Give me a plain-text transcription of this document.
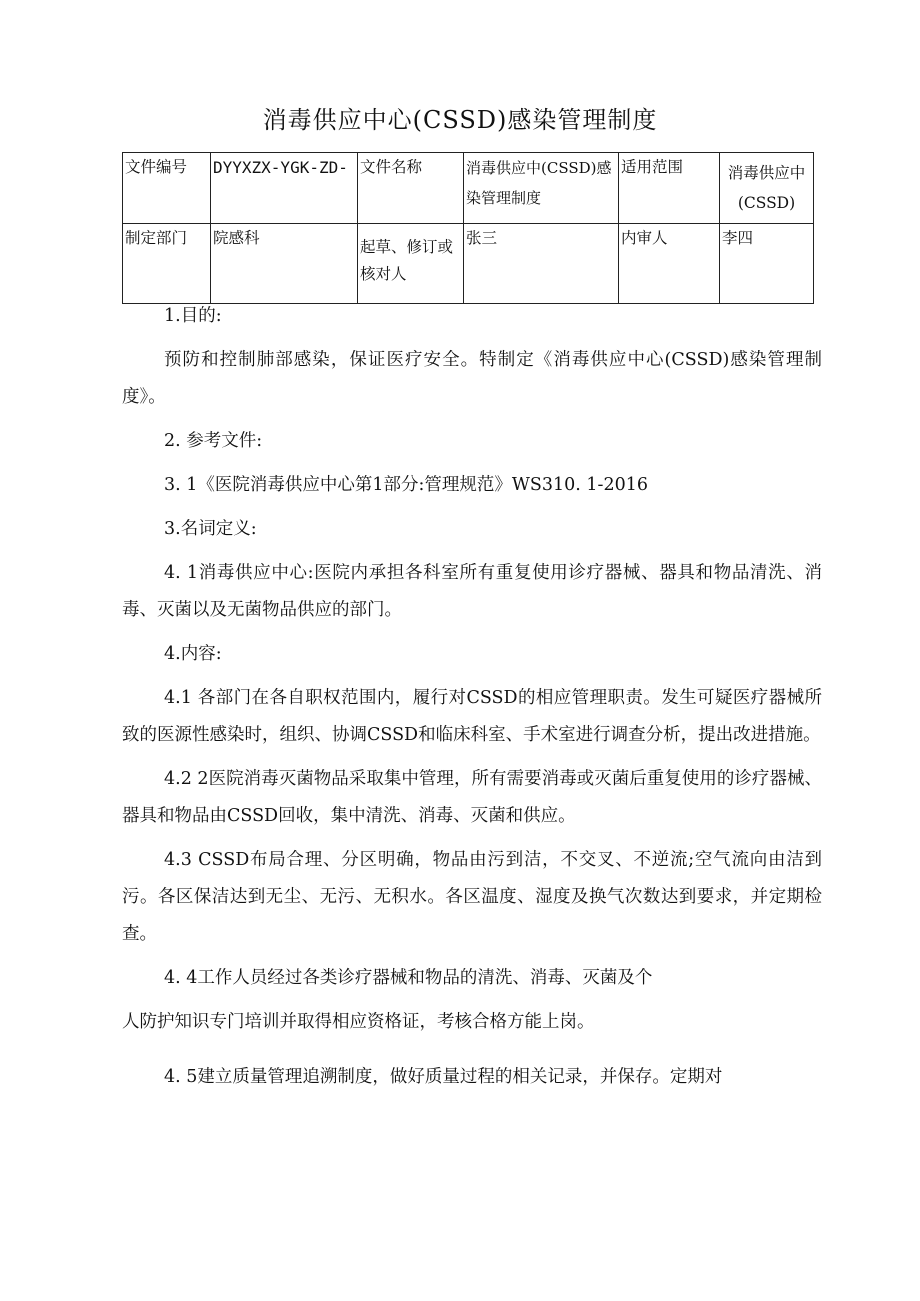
消毒供应中心(CSSD)感染管理制度
文件编号	DYYXZX-YGK-ZD-	文件名称	消毒供应中(CSSD)感染管理制度	适用范围	消毒供应中(CSSD)
制定部门	院感科	起草、修订或核对人	张三	内审人	李四

1.目的:

预防和控制肺部感染，保证医疗安全。特制定《消毒供应中心(CSSD)感染管理制度》。

2. 参考文件:

3. 1《医院消毒供应中心第1部分:管理规范》WS310. 1-2016

3.名词定义:

4. 1消毒供应中心:医院内承担各科室所有重复使用诊疗器械、器具和物品清洗、消毒、灭菌以及无菌物品供应的部门。

4.内容:

4.1 各部门在各自职权范围内，履行对CSSD的相应管理职责。发生可疑医疗器械所致的医源性感染时，组织、协调CSSD和临床科室、手术室进行调查分析，提出改进措施。

4.2 2医院消毒灭菌物品采取集中管理，所有需要消毒或灭菌后重复使用的诊疗器械、器具和物品由CSSD回收，集中清洗、消毒、灭菌和供应。

4.3 CSSD布局合理、分区明确，物品由污到洁，不交叉、不逆流;空气流向由洁到污。各区保洁达到无尘、无污、无积水。各区温度、湿度及换气次数达到要求，并定期检查。

4. 4工作人员经过各类诊疗器械和物品的清洗、消毒、灭菌及个

人防护知识专门培训并取得相应资格证，考核合格方能上岗。

4. 5建立质量管理追溯制度，做好质量过程的相关记录，并保存。定期对
